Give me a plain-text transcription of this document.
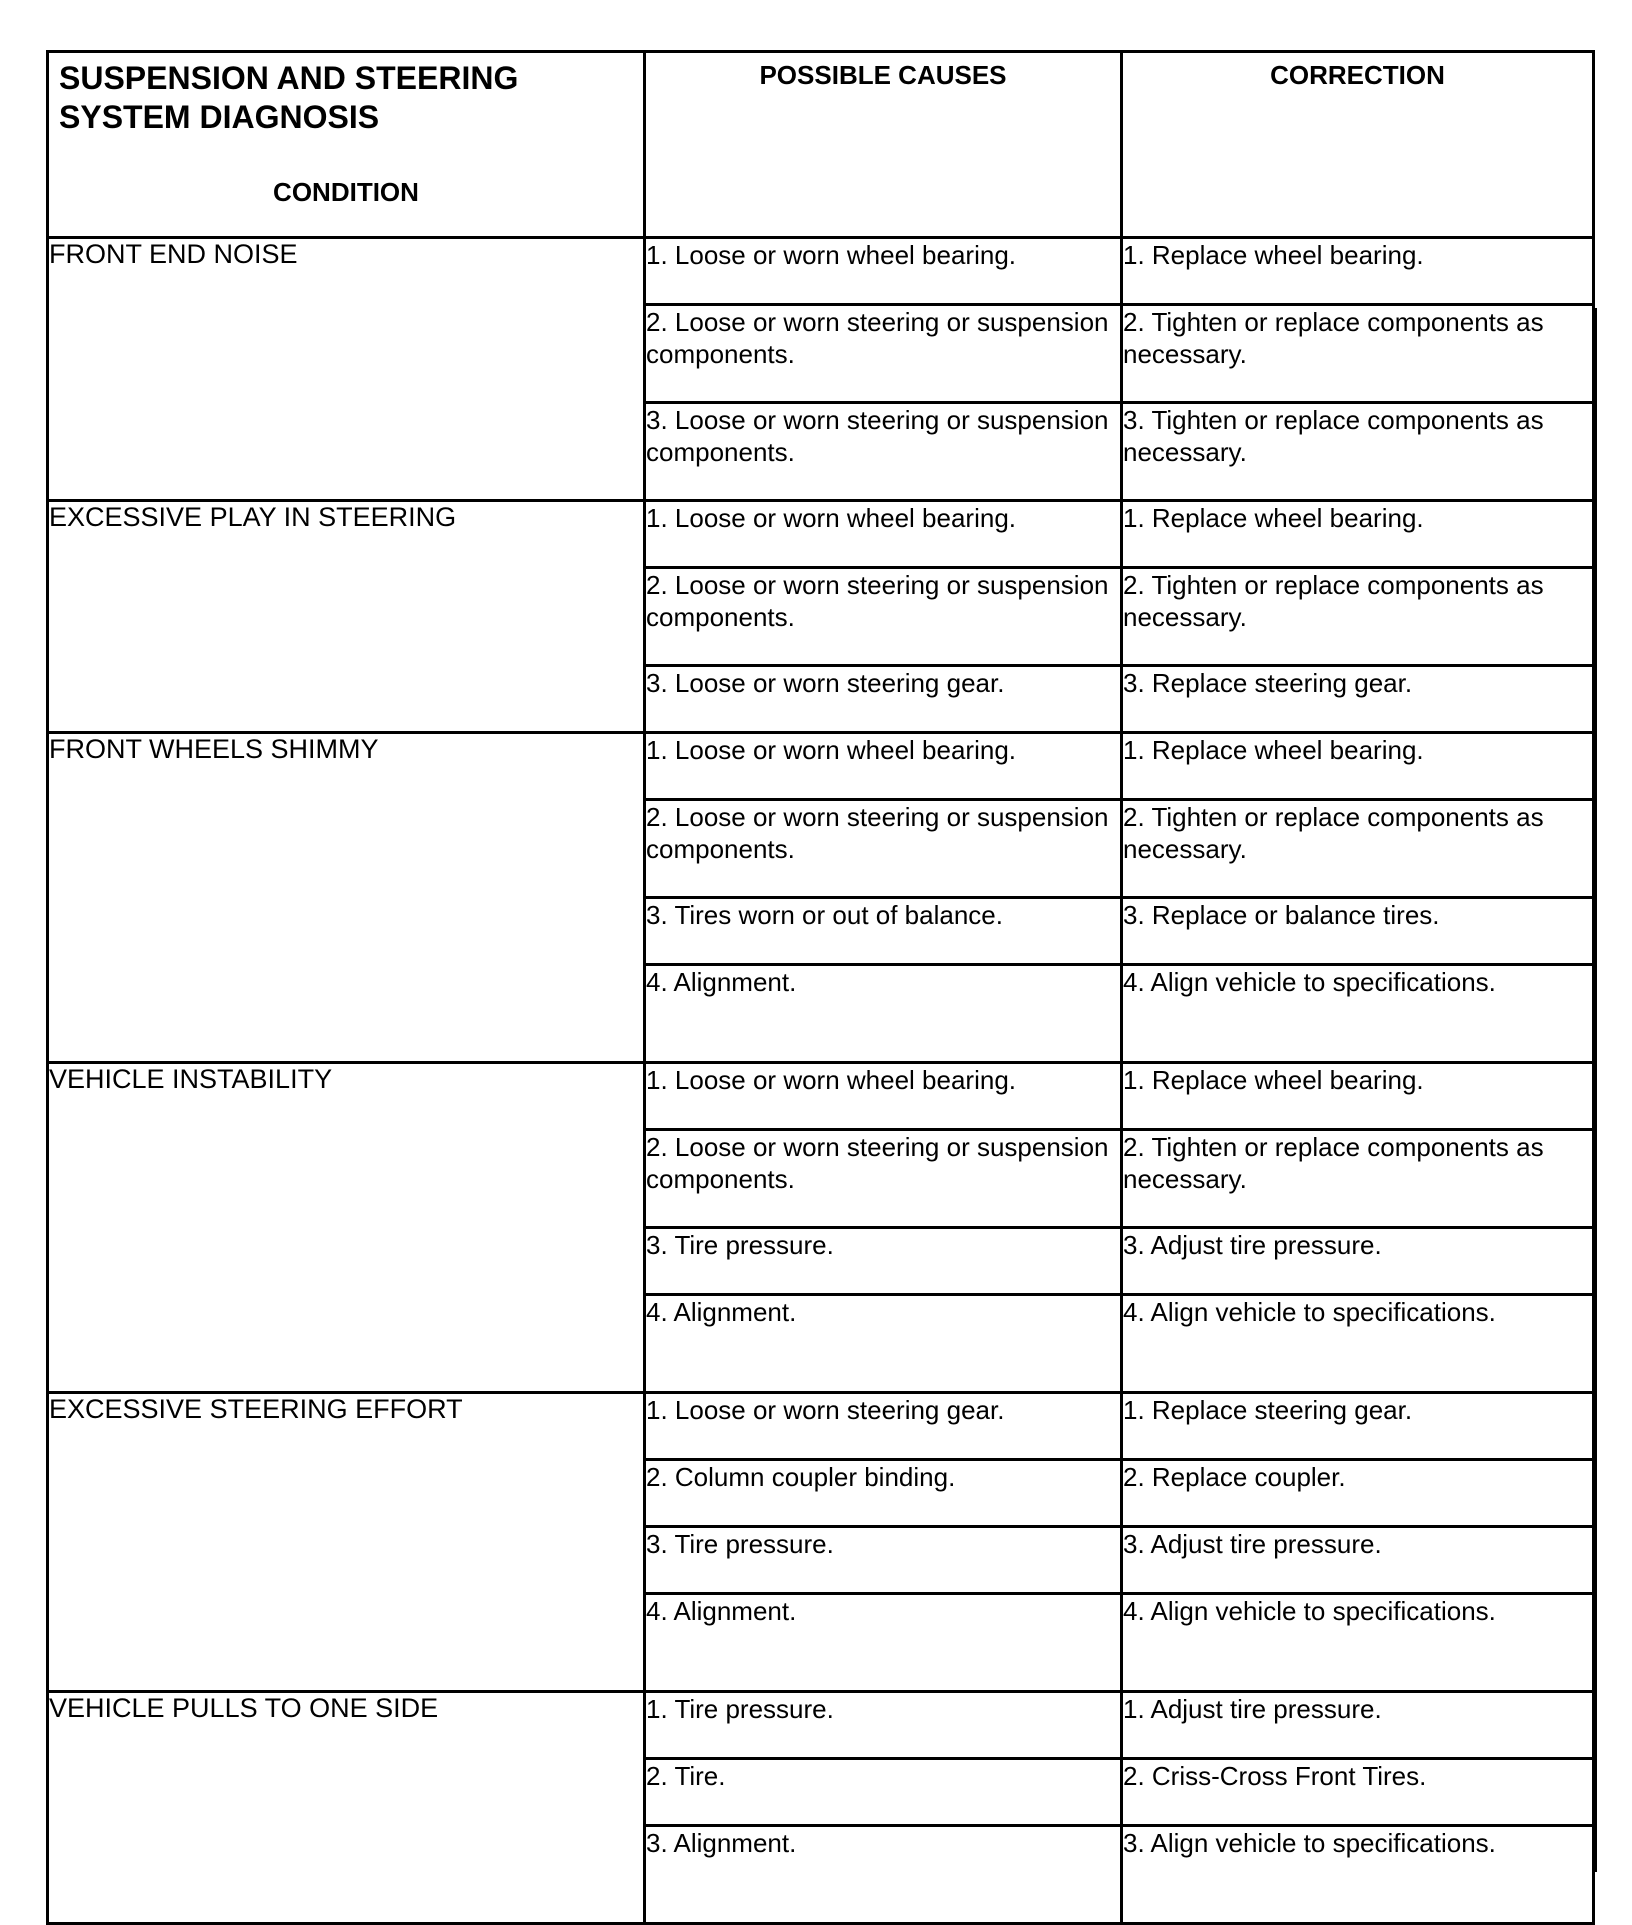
SUSPENSION AND STEERING SYSTEM DIAGNOSIS
CONDITION	POSSIBLE CAUSES	CORRECTION

FRONT END NOISE	1. Loose or worn wheel bearing.	1. Replace wheel bearing.
	2. Loose or worn steering or suspension components.	2. Tighten or replace components as necessary.
	3. Loose or worn steering or suspension components.	3. Tighten or replace components as necessary.
EXCESSIVE PLAY IN STEERING	1. Loose or worn wheel bearing.	1. Replace wheel bearing.
	2. Loose or worn steering or suspension components.	2. Tighten or replace components as necessary.
	3. Loose or worn steering gear.	3. Replace steering gear.
FRONT WHEELS SHIMMY	1. Loose or worn wheel bearing.	1. Replace wheel bearing.
	2. Loose or worn steering or suspension components.	2. Tighten or replace components as necessary.
	3. Tires worn or out of balance.	3. Replace or balance tires.
	4. Alignment.	4. Align vehicle to specifications.
VEHICLE INSTABILITY	1. Loose or worn wheel bearing.	1. Replace wheel bearing.
	2. Loose or worn steering or suspension components.	2. Tighten or replace components as necessary.
	3. Tire pressure.	3. Adjust tire pressure.
	4. Alignment.	4. Align vehicle to specifications.
EXCESSIVE STEERING EFFORT	1. Loose or worn steering gear.	1. Replace steering gear.
	2. Column coupler binding.	2. Replace coupler.
	3. Tire pressure.	3. Adjust tire pressure.
	4. Alignment.	4. Align vehicle to specifications.
VEHICLE PULLS TO ONE SIDE	1. Tire pressure.	1. Adjust tire pressure.
	2. Tire.	2. Criss-Cross Front Tires.
	3. Alignment.	3. Align vehicle to specifications.
